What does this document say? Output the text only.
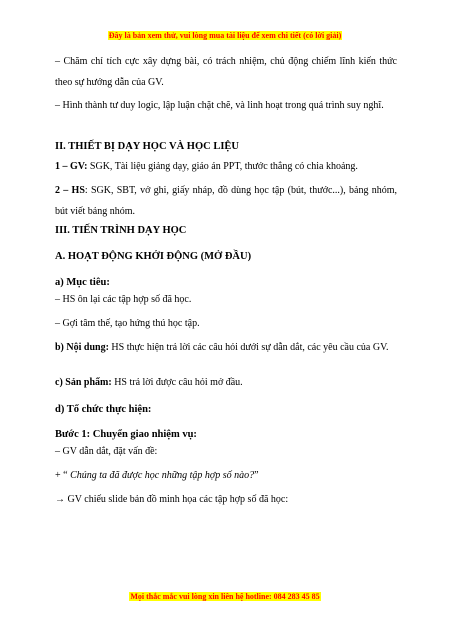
Đây là bản xem thử, vui lòng mua tài liệu để xem chi tiết (có lời giải)

– Chăm chỉ tích cực xây dựng bài, có trách nhiệm, chủ động chiếm lĩnh kiến thức theo sự hướng dẫn của GV.

– Hình thành tư duy logic, lập luận chặt chẽ, và linh hoạt trong quá trình suy nghĩ.

II. THIẾT BỊ DẠY HỌC VÀ HỌC LIỆU

1 – GV: SGK, Tài liệu giảng dạy, giáo án PPT, thước thẳng có chia khoảng.

2 – HS: SGK, SBT, vở ghi, giấy nháp, đồ dùng học tập (bút, thước...), bảng nhóm, bút viết bảng nhóm.

III. TIẾN TRÌNH DẠY HỌC

A. HOẠT ĐỘNG KHỞI ĐỘNG (MỞ ĐẦU)

a) Mục tiêu:

– HS ôn lại các tập hợp số đã học.

– Gợi tâm thế, tạo hứng thú học tập.

b) Nội dung: HS thực hiện trả lời các câu hỏi dưới sự dẫn dắt, các yêu cầu của GV.

c) Sản phẩm: HS trả lời được câu hỏi mở đầu.

d) Tổ chức thực hiện:

Bước 1: Chuyển giao nhiệm vụ:

– GV dẫn dắt, đặt vấn đề:

+ “ Chúng ta đã được học những tập hợp số nào?”

→ GV chiếu slide bản đồ minh họa các tập hợp số đã học:

Mọi thắc mắc vui lòng xin liên hệ hotline: 084 283 45 85
